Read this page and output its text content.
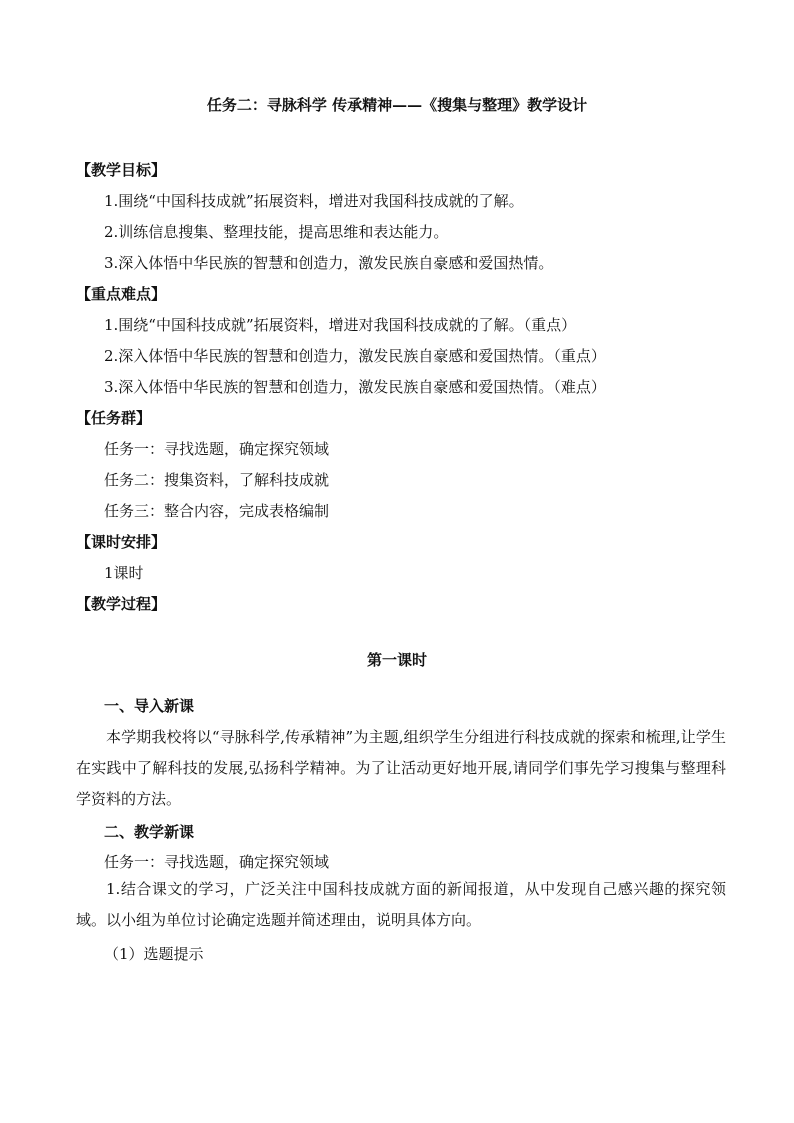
任务二：寻脉科学 传承精神——《搜集与整理》教学设计
【教学目标】
1.围绕“中国科技成就”拓展资料，增进对我国科技成就的了解。
2.训练信息搜集、整理技能，提高思维和表达能力。
3.深入体悟中华民族的智慧和创造力，激发民族自豪感和爱国热情。
【重点难点】
1.围绕“中国科技成就”拓展资料，增进对我国科技成就的了解。（重点）
2.深入体悟中华民族的智慧和创造力，激发民族自豪感和爱国热情。（重点）
3.深入体悟中华民族的智慧和创造力，激发民族自豪感和爱国热情。（难点）
【任务群】
任务一：寻找选题，确定探究领域
任务二：搜集资料，了解科技成就
任务三：整合内容，完成表格编制
【课时安排】
1课时
【教学过程】
第一课时
一、导入新课
本学期我校将以“寻脉科学,传承精神”为主题,组织学生分组进行科技成就的探索和梳理,让学生在实践中了解科技的发展,弘扬科学精神。为了让活动更好地开展,请同学们事先学习搜集与整理科学资料的方法。
二、教学新课
任务一：寻找选题，确定探究领域
1.结合课文的学习，广泛关注中国科技成就方面的新闻报道，从中发现自己感兴趣的探究领域。以小组为单位讨论确定选题并简述理由，说明具体方向。
（1）选题提示
